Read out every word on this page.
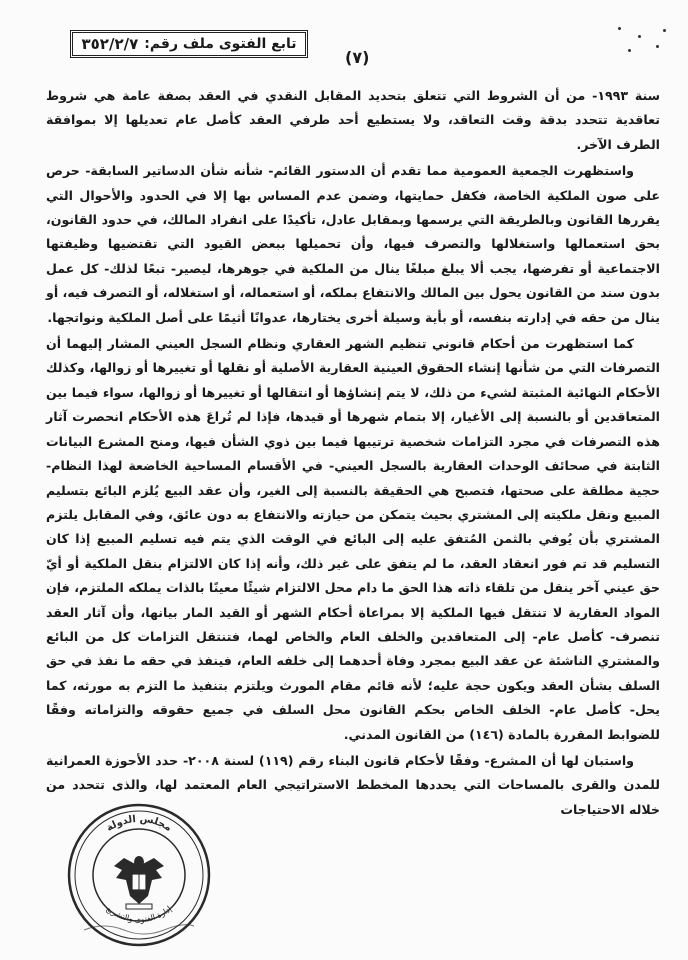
تابع الفتوى ملف رقم:
٣٥٢/٢/٧
(٧)

سنة ١٩٩٣- من أن الشروط التي تتعلق بتحديد المقابل النقدي في العقد بصفة عامة هي شروط تعاقدية تتحدد بدقة وقت التعاقد، ولا يستطيع أحد طرفي العقد كأصل عام تعديلها إلا بموافقة الطرف الآخر.

واستظهرت الجمعية العمومية مما تقدم أن الدستور القائم- شأنه شأن الدساتير السابقة- حرص على صون الملكية الخاصة، فكفل حمايتها، وضمن عدم المساس بها إلا في الحدود والأحوال التي يقررها القانون وبالطريقة التي يرسمها وبمقابل عادل، تأكيدًا على انفراد المالك، في حدود القانون، بحق استعمالها واستغلالها والتصرف فيها، وأن تحميلها ببعض القيود التي تقتضيها وظيفتها الاجتماعية أو تفرضها، يجب ألا يبلغ مبلغًا ينال من الملكية في جوهرها، ليصير- تبعًا لذلك- كل عمل بدون سند من القانون يحول بين المالك والانتفاع بملكه، أو استعماله، أو استغلاله، أو التصرف فيه، أو ينال من حقه في إدارته بنفسه، أو بأية وسيلة أخرى يختارها، عدوانًا أثيمًا على أصل الملكية ونواتجها.

كما استظهرت من أحكام قانوني تنظيم الشهر العقاري ونظام السجل العيني المشار إليهما أن التصرفات التي من شأنها إنشاء الحقوق العينية العقارية الأصلية أو نقلها أو تغييرها أو زوالها، وكذلك الأحكام النهائية المثبتة لشيء من ذلك، لا يتم إنشاؤها أو انتقالها أو تغييرها أو زوالها، سواء فيما بين المتعاقدين أو بالنسبة إلى الأغيار، إلا بتمام شهرها أو قيدها، فإذا لم تُراعَ هذه الأحكام انحصرت آثار هذه التصرفات في مجرد التزامات شخصية ترتيبها فيما بين ذوي الشأن فيها، ومنح المشرع البيانات الثابتة في صحائف الوحدات العقارية بالسجل العيني- في الأقسام المساحية الخاضعة لهذا النظام- حجية مطلقة على صحتها، فتصبح هي الحقيقة بالنسبة إلى الغير، وأن عقد البيع يُلزم البائع بتسليم المبيع ونقل ملكيته إلى المشتري بحيث يتمكن من حيازته والانتفاع به دون عائق، وفي المقابل يلتزم المشتري بأن يُوفي بالثمن المُتفق عليه إلى البائع في الوقت الذي يتم فيه تسليم المبيع إذا كان التسليم قد تم فور انعقاد العقد، ما لم يتفق على غير ذلك، وأنه إذا كان الالتزام بنقل الملكية أو أيّ حق عيني آخر ينقل من تلقاء ذاته هذا الحق ما دام محل الالتزام شيئًا معينًا بالذات يملكه الملتزم، فإن المواد العقارية لا تنتقل فيها الملكية إلا بمراعاة أحكام الشهر أو القيد المار بيانها، وأن آثار العقد تنصرف- كأصل عام- إلى المتعاقدين والخلف العام والخاص لهما، فتنتقل التزامات كل من البائع والمشتري الناشئة عن عقد البيع بمجرد وفاة أحدهما إلى خلفه العام، فينفذ في حقه ما نفذ في حق السلف بشأن العقد ويكون حجة عليه؛ لأنه قائم مقام المورث ويلتزم بتنفيذ ما التزم به مورثه، كما يحل- كأصل عام- الخلف الخاص بحكم القانون محل السلف في جميع حقوقه والتزاماته وفقًا للضوابط المقررة بالمادة (١٤٦) من القانون المدني.

واستبان لها أن المشرع- وفقًا لأحكام قانون البناء رقم (١١٩) لسنة ٢٠٠٨- حدد الأحوزة العمرانية للمدن والقرى بالمساحات التي يحددها المخطط الاستراتيجي العام المعتمد لها، والذى تتحدد من خلاله الاحتياجات

مجلس الدولة
إدارة الفتوى والتشريع
